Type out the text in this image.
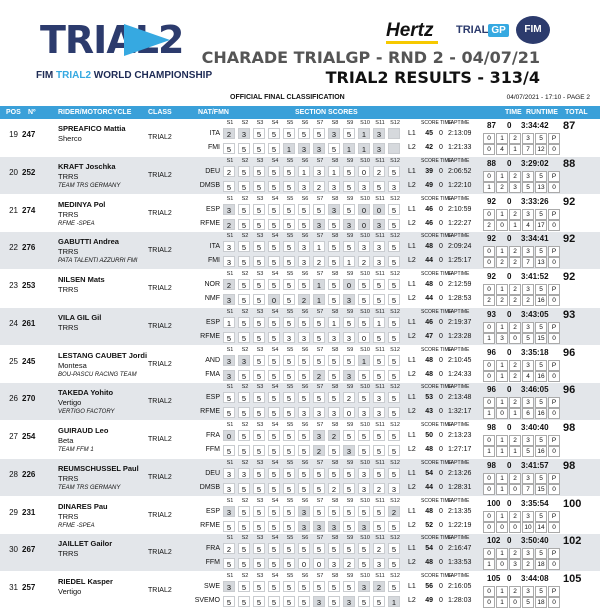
TRIAL2
FIM TRIAL2 WORLD CHAMPIONSHIP
Hertz TRIAL GP	FIM
CHARADE TRIALGP - RND 2 - 04/07/21
TRIAL2 RESULTS - 313/4
OFFICIAL FINAL CLASSIFICATION	04/07/2021 - 17:10 - PAGE 2
POS Nº	RIDER/MOTORCYCLE CLASS	NAT/FMN	SECTION SCORES	TIME RUNTIME TOTAL
19 247
SPREAFICO Mattia
Sherco	TRIAL2
ITA
FMI
S1	S2	S3	S4	S5	S6	S7	S8	S9	S10 S11 S12
2	3	5	5	5	5	5	3	5	1	3	L1	45 0 2:13:09
5	5	5	5	1	3	3	5	1	1	3	L2	42 0 1:21:33
SCORE TIME
LAPTIME 87 0 3:34:42 87
0	1	2	3	5	P
0	4	1	7	12	0
20 252
KRAFT Joschka
TRRS
TEAM TRS GERMANY
TRIAL2
DEU
DMSB
S1	S2	S3	S4	S5	S6	S7	S8	S9	S10 S11 S12
2	5	5	5	5	1	3	1	5	0	2	5	L1	39 0 2:06:52
5	5	5	5	5	3	2	3	5	3	5	3	L2	49 0 1:22:10
SCORE TIME
LAPTIME 88 0 3:29:02 88
0	1	2	3	5	P
1	2	3	5	13	0
21 274
MEDINYA Pol
TRRS
RFME -SPEA
TRIAL2
ESP
RFME
S1	S2	S3	S4	S5	S6	S7	S8	S9	S10 S11 S12
3	5	5	5	5	5	5	3	5	0	0	5	L1	46 0 2:10:59
2	5	5	5	5	5	3	5	3	0	3	5	L2	46 0 1:22:27
SCORE TIME
LAPTIME 92 0 3:33:26 92
0	1	2	3	5	P
2	0	1	4	17	0
22 276
GABUTTI Andrea
TRRS
PATA TALENTI AZZURRI FMI
TRIAL2
ITA
FMI
S1	S2	S3	S4	S5	S6	S7	S8	S9	S10 S11 S12
3	5	5	5	5	3	1	5	5	3	3	5	L1	48 0 2:09:24
3	5	5	5	5	3	2	5	1	2	3	5	L2	44 0 1:25:17
SCORE TIME
LAPTIME 92 0 3:34:41 92
0	1	2	3	5	P
0	2	2	7	13	0
23 253
NILSEN Mats
TRRS	TRIAL2
NOR
NMF
S1	S2	S3	S4	S5	S6	S7	S8	S9	S10 S11 S12
2	5	5	5	5	5	1	5	0	5	5	5	L1	48 0 2:12:59
3	5	5	0	5	2	1	5	3	5	5	5	L2	44 0 1:28:53
SCORE TIME
LAPTIME 92 0 3:41:52 92
0	1	2	3	5	P
2	2	2	2	16	0
24 261
VILA GIL Gil
TRRS	TRIAL2
ESP
RFME
S1	S2	S3	S4	S5	S6	S7	S8	S9	S10 S11 S12
1	5	5	5	5	5	5	1	5	5	1	5	L1	46 0 2:19:37
5	5	5	5	3	3	5	3	3	0	5	5	L2	47 0 1:23:28
SCORE TIME
LAPTIME 93 0 3:43:05 93
0	1	2	3	5	P
1	3	0	5	15	0
25 245
LESTANG CAUBET Jordi
Montesa
BOU-PASCU RACING TEAM
TRIAL2
AND
FMA
S1	S2	S3	S4	S5	S6	S7	S8	S9	S10 S11 S12
3	3	5	5	5	5	5	5	5	1	5	5	L1	48 0 2:10:45
3	5	5	5	5	5	2	5	3	5	5	5	L2	48 0 1:24:33
SCORE TIME
LAPTIME 96 0 3:35:18 96
0	1	2	3	5	P
0	1	2	4	16	0
26 270
TAKEDA Yohito
Vertigo
VERTIGO FACTORY
TRIAL2
ESP
RFME
S1	S2	S3	S4	S5	S6	S7	S8	S9	S10 S11 S12
5	5	5	5	5	5	5	5	2	5	3	5	L1	53 0 2:13:48
5	5	5	5	5	3	3	3	0	3	3	5	L2	43 0 1:32:17
SCORE TIME
LAPTIME 96 0 3:46:05 96
0	1	2	3	5	P
1	0	1	6	16	0
27 254
GUIRAUD Leo
Beta
TEAM FFM 1
TRIAL2
FRA
FFM
S1	S2	S3	S4	S5	S6	S7	S8	S9	S10 S11 S12
0	5	5	5	5	5	3	2	5	5	5	5	L1	50 0 2:13:23
5	5	5	5	5	5	2	5	3	5	5	5	L2	48 0 1:27:17
SCORE TIME
LAPTIME 98 0 3:40:40 98
0	1	2	3	5	P
1	1	1	5	16	0
28 226
REUMSCHUSSEL Paul
TRRS
TEAM TRS GERMANY
TRIAL2
DEU
DMSB
S1	S2	S3	S4	S5	S6	S7	S8	S9	S10 S11 S12
3	3	5	5	5	5	5	5	5	3	5	5	L1	54 0 2:13:26
3	5	5	5	5	5	5	2	5	3	2	3	L2	44 0 1:28:31
SCORE TIME
LAPTIME 98 0 3:41:57 98
0	1	2	3	5	P
0	1	0	7	15	0
29 231
DINARES Pau
TRRS
RFME -SPEA
TRIAL2
ESP
RFME
S1	S2	S3	S4	S5	S6	S7	S8	S9	S10 S11 S12
3	5	5	5	5	3	5	5	5	5	5	2	L1	48 0 2:13:35
5	5	5	5	5	3	3	3	5	3	5	5	L2	52 0 1:22:19
SCORE TIME
LAPTIME 100 0 3:35:54 100
0	1	2	3	5	P
0	0	0	10 14	0
30 267
JAILLET Gailor
TRRS	TRIAL2
FRA
FFM
S1	S2	S3	S4	S5	S6	S7	S8	S9	S10 S11 S12
2	5	5	5	5	5	5	5	5	5	2	5	L1	54 0 2:16:47
5	5	5	5	5	0	0	3	2	5	3	5	L2	48 0 1:33:53
SCORE TIME
LAPTIME 102 0 3:50:40 102
0	1	2	3	5	P
1	0	3	2	18	0
31 257
RIEDEL Kasper
Vertigo	TRIAL2
SWE
SVEMO
S1	S2	S3	S4	S5	S6	S7	S8	S9	S10 S11 S12
3	5	5	5	5	5	5	5	5	3	2	5	L1	56 0 2:16:05
5	5	5	5	5	5	3	5	3	5	5	1	L2	49 0 1:28:03
SCORE TIME
LAPTIME 105 0 3:44:08 105
0	1	2	3	5	P
0	1	0	5	18	0
